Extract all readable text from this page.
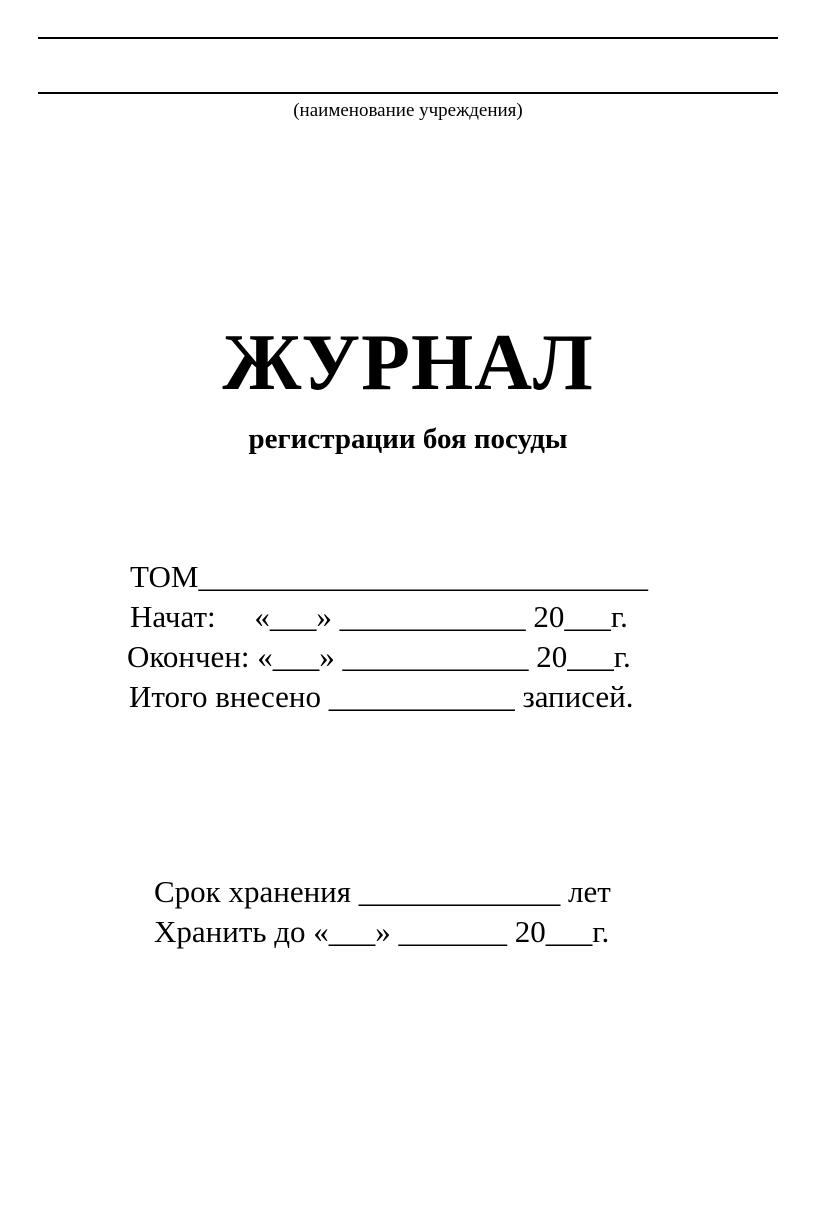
(наименование учреждения)
ЖУРНАЛ
регистрации боя посуды
ТОМ_____________________________
Начат:     «___» ____________ 20___г.
Окончен: «___» ____________ 20___г.
Итого внесено ____________ записей.
Срок хранения _____________ лет
Хранить до «___» _______ 20___г.
